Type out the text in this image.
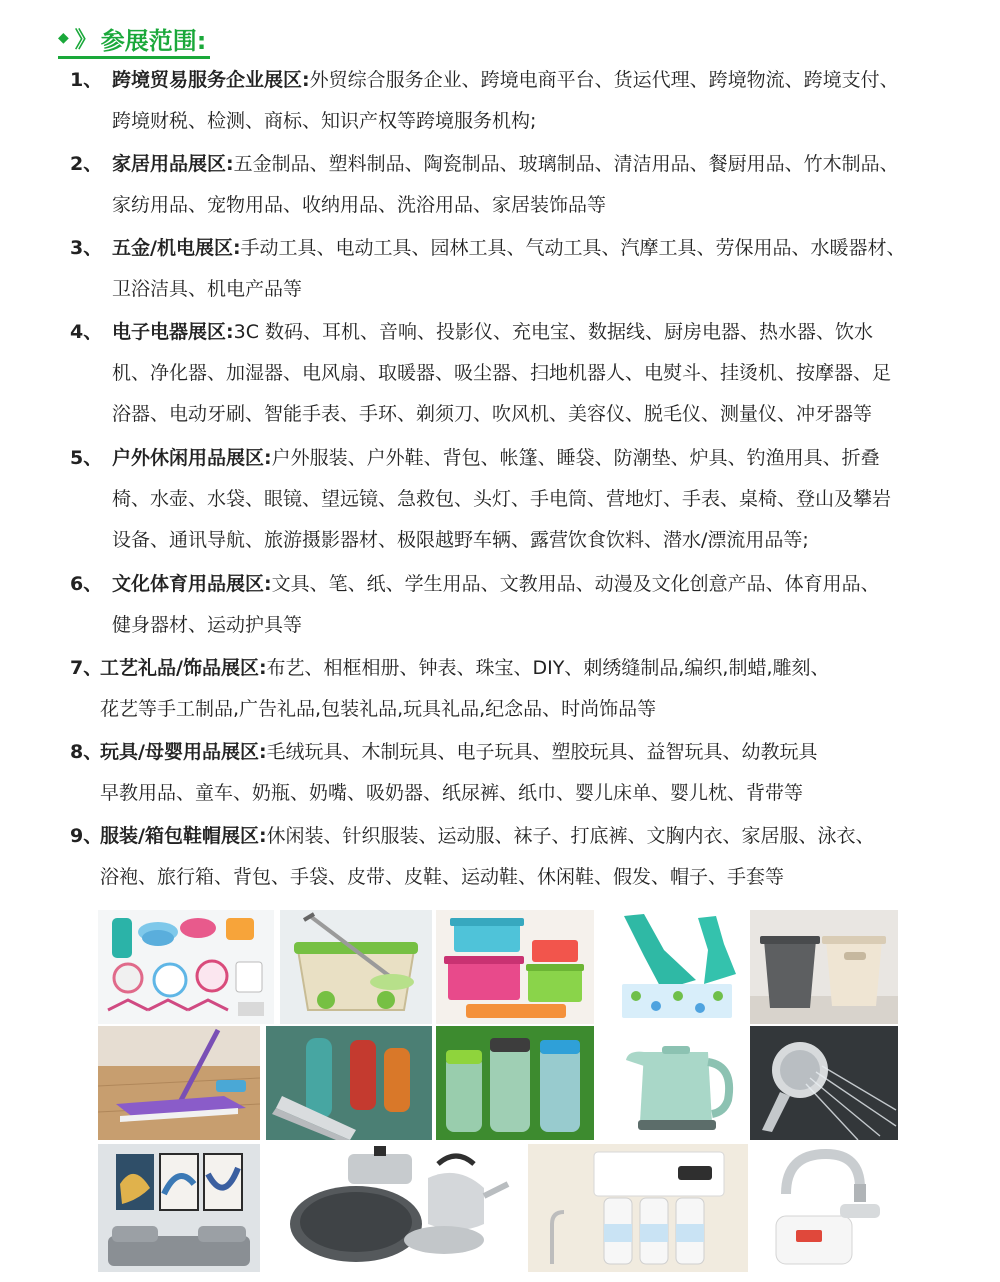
◆ 》 参展范围:
1、 跨境贸易服务企业展区:外贸综合服务企业、跨境电商平台、货运代理、跨境物流、跨境支付、
跨境财税、检测、商标、知识产权等跨境服务机构;
2、 家居用品展区:五金制品、塑料制品、陶瓷制品、玻璃制品、清洁用品、餐厨用品、竹木制品、
家纺用品、宠物用品、收纳用品、洗浴用品、家居装饰品等
3、 五金/机电展区:手动工具、电动工具、园林工具、气动工具、汽摩工具、劳保用品、水暖器材、
卫浴洁具、机电产品等
4、 电子电器展区:3C 数码、耳机、音响、投影仪、充电宝、数据线、厨房电器、热水器、饮水
机、净化器、加湿器、电风扇、取暖器、吸尘器、扫地机器人、电熨斗、挂烫机、按摩器、足
浴器、电动牙刷、智能手表、手环、剃须刀、吹风机、美容仪、脱毛仪、测量仪、冲牙器等
5、 户外休闲用品展区:户外服装、户外鞋、背包、帐篷、睡袋、防潮垫、炉具、钓渔用具、折叠
椅、水壶、水袋、眼镜、望远镜、急救包、头灯、手电筒、营地灯、手表、桌椅、登山及攀岩
设备、通讯导航、旅游摄影器材、极限越野车辆、露营饮食饮料、潜水/漂流用品等;
6、 文化体育用品展区:文具、笔、纸、学生用品、文教用品、动漫及文化创意产品、体育用品、
健身器材、运动护具等
7、
工艺礼品/饰品展区:布艺、相框相册、钟表、珠宝、DIY、刺绣缝制品,编织,制蜡,雕刻、
花艺等手工制品,广告礼品,包装礼品,玩具礼品,纪念品、时尚饰品等
8、
玩具/母婴用品展区:毛绒玩具、木制玩具、电子玩具、塑胶玩具、益智玩具、幼教玩具
早教用品、童车、奶瓶、奶嘴、吸奶器、纸尿裤、纸巾、婴儿床单、婴儿枕、背带等
9、
服装/箱包鞋帽展区:休闲装、针织服装、运动服、袜子、打底裤、文胸内衣、家居服、泳衣、
浴袍、旅行箱、背包、手袋、皮带、皮鞋、运动鞋、休闲鞋、假发、帽子、手套等
